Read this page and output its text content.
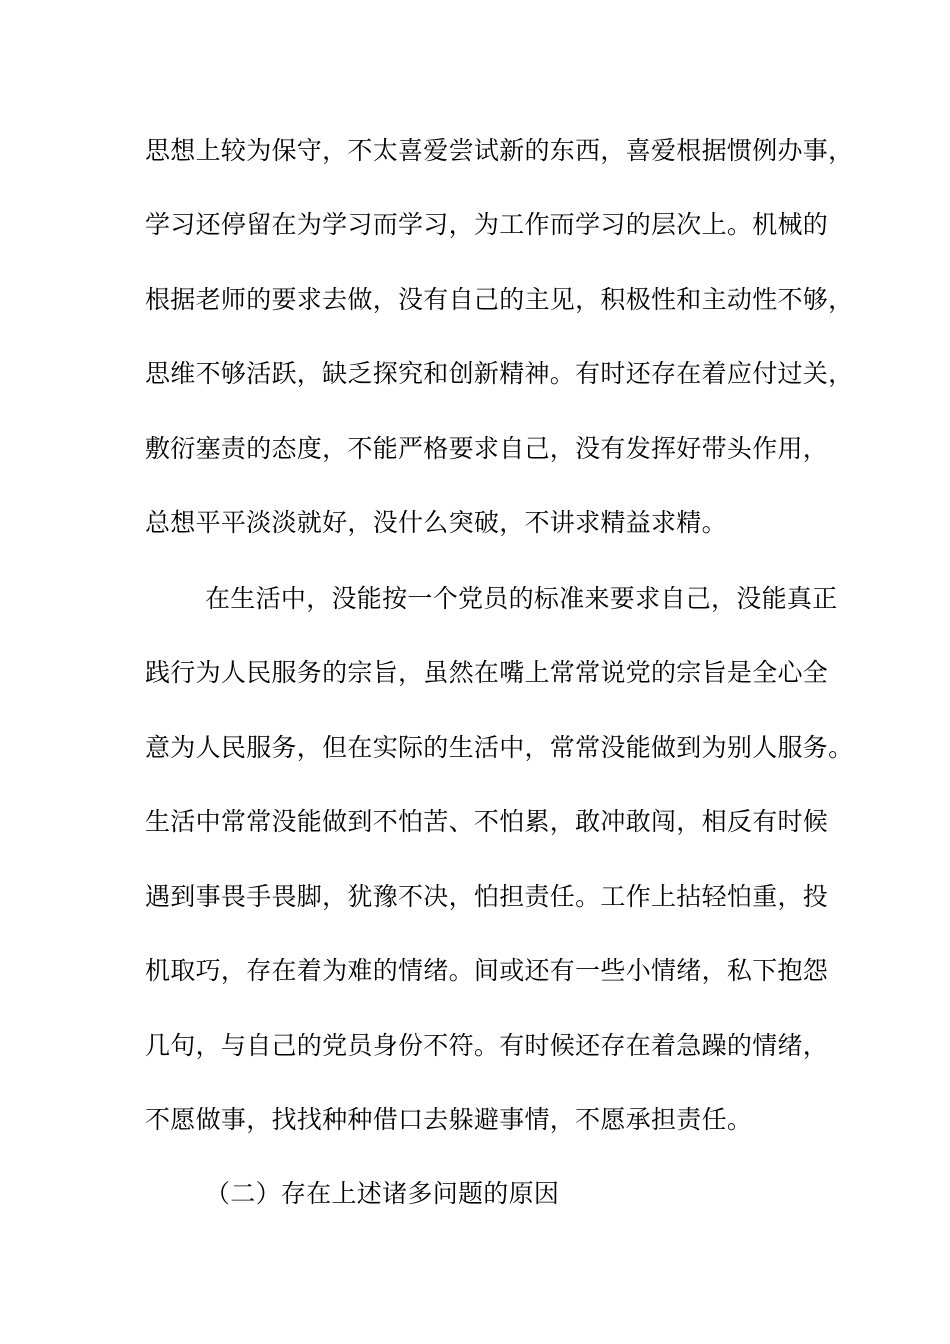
思想上较为保守，不太喜爱尝试新的东西，喜爱根据惯例办事，
学习还停留在为学习而学习，为工作而学习的层次上。机械的
根据老师的要求去做，没有自己的主见，积极性和主动性不够，
思维不够活跃，缺乏探究和创新精神。有时还存在着应付过关，
敷衍塞责的态度，不能严格要求自己，没有发挥好带头作用，
总想平平淡淡就好，没什么突破，不讲求精益求精。
在生活中，没能按一个党员的标准来要求自己，没能真正
践行为人民服务的宗旨，虽然在嘴上常常说党的宗旨是全心全
意为人民服务，但在实际的生活中，常常没能做到为别人服务。
生活中常常没能做到不怕苦、不怕累，敢冲敢闯，相反有时候
遇到事畏手畏脚，犹豫不决，怕担责任。工作上拈轻怕重，投
机取巧，存在着为难的情绪。间或还有一些小情绪，私下抱怨
几句，与自己的党员身份不符。有时候还存在着急躁的情绪，
不愿做事，找找种种借口去躲避事情，不愿承担责任。
（二）存在上述诸多问题的原因
